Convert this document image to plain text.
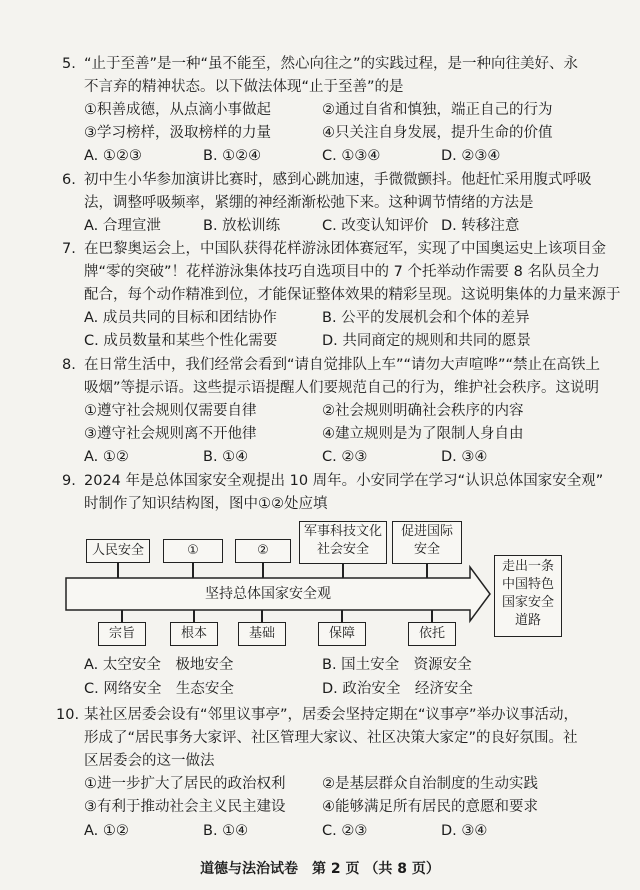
5. “止于至善”是一种“虽不能至，然心向往之”的实践过程，是一种向往美好、永
不言弃的精神状态。以下做法体现“止于至善”的是
①积善成德，从点滴小事做起	②通过自省和慎独，端正自己的行为
③学习榜样，汲取榜样的力量	④只关注自身发展，提升生命的价值
A. ①②③	B. ①②④	C. ①③④	D. ②③④
6. 初中生小华参加演讲比赛时，感到心跳加速，手微微颤抖。他赶忙采用腹式呼吸
法，调整呼吸频率，紧绷的神经渐渐松弛下来。这种调节情绪的方法是
A. 合理宣泄	B. 放松训练	C. 改变认知评价 D. 转移注意
7. 在巴黎奥运会上，中国队获得花样游泳团体赛冠军，实现了中国奥运史上该项目金
牌“零的突破”！花样游泳集体技巧自选项目中的 7 个托举动作需要 8 名队员全力
配合，每个动作精准到位，才能保证整体效果的精彩呈现。这说明集体的力量来源于
A. 成员共同的目标和团结协作	B. 公平的发展机会和个体的差异
C. 成员数量和某些个性化需要	D. 共同商定的规则和共同的愿景
8. 在日常生活中，我们经常会看到“请自觉排队上车”“请勿大声喧哗”“禁止在高铁上
吸烟”等提示语。这些提示语提醒人们要规范自己的行为，维护社会秩序。这说明
①遵守社会规则仅需要自律	②社会规则明确社会秩序的内容
③遵守社会规则离不开他律	④建立规则是为了限制人身自由
A. ①②	B. ①④	C. ②③	D. ③④
9. 2024 年是总体国家安全观提出 10 周年。小安同学在学习“认识总体国家安全观”
时制作了知识结构图，图中①②处应填
坚持总体国家安全观
人民安全	①	②
军事科技文化
社会安全
促进国际
安全
走出一条
中国特色
国家安全
道路
宗旨	根本	基础	保障	依托
A. 太空安全　极地安全	B. 国土安全　资源安全
C. 网络安全　生态安全	D. 政治安全　经济安全
10. 某社区居委会设有“邻里议事亭”，居委会坚持定期在“议事亭”举办议事活动，
形成了“居民事务大家评、社区管理大家议、社区决策大家定”的良好氛围。社
区居委会的这一做法
①进一步扩大了居民的政治权利	②是基层群众自治制度的生动实践
③有利于推动社会主义民主建设	④能够满足所有居民的意愿和要求
A. ①②	B. ①④	C. ②③	D. ③④
道德与法治试卷　第 2 页 （共 8 页）
